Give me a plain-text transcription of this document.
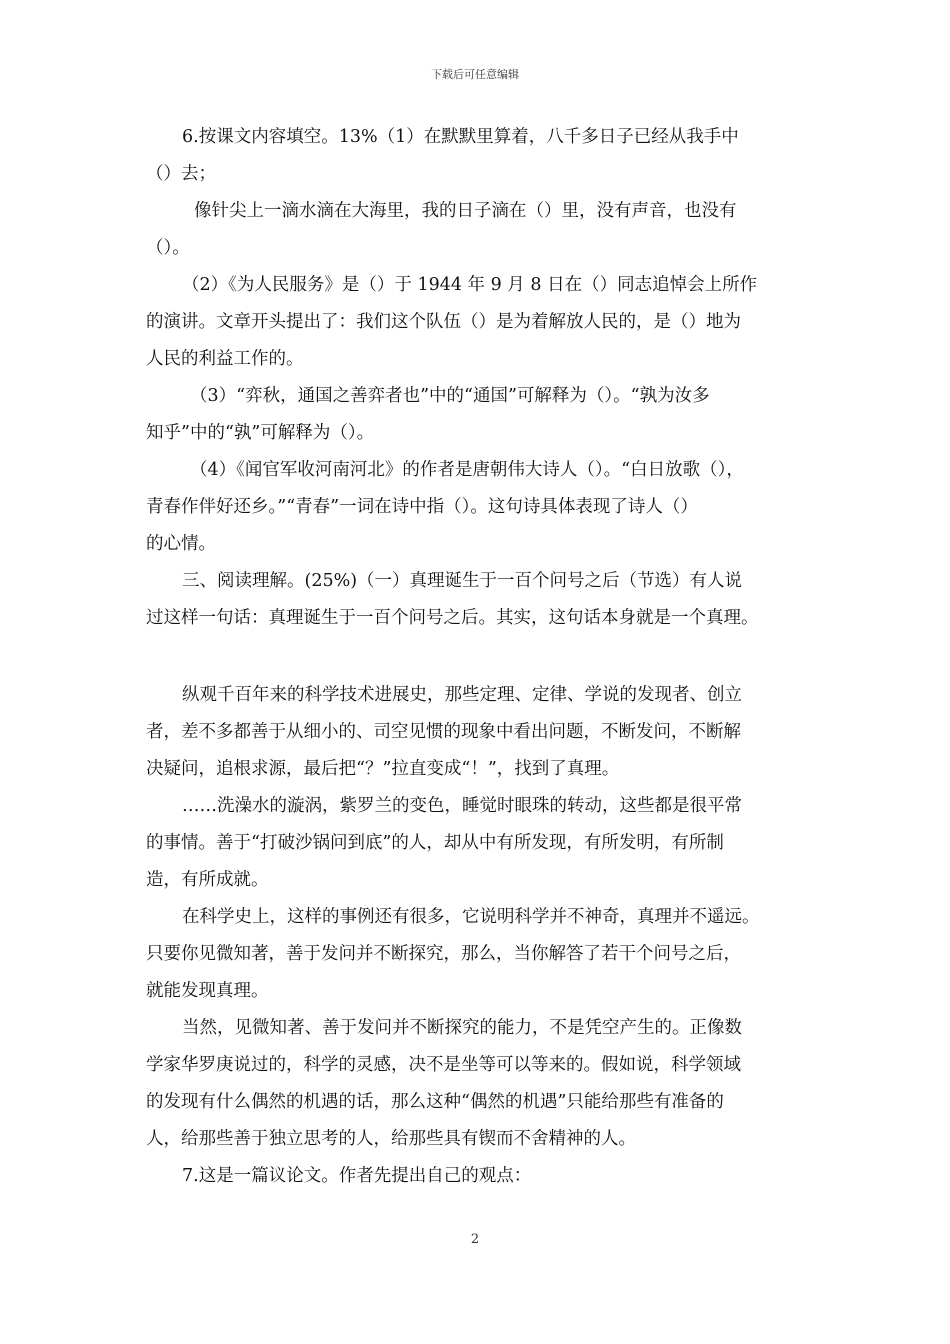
下载后可任意编辑
6.按课文内容填空。13%（1）在默默里算着，八千多日子已经从我手中
（）去；
像针尖上一滴水滴在大海里，我的日子滴在（）里，没有声音，也没有
（）。
（2）《为人民服务》是（）于 1944 年 9 月 8 日在（）同志追悼会上所作
的演讲。文章开头提出了：我们这个队伍（）是为着解放人民的，是（）地为
人民的利益工作的。
（3）“弈秋，通国之善弈者也”中的“通国”可解释为（）。“孰为汝多
知乎”中的“孰”可解释为（）。
（4）《闻官军收河南河北》的作者是唐朝伟大诗人（）。“白日放歌（），
青春作伴好还乡。”“青春”一词在诗中指（）。这句诗具体表现了诗人（）
的心情。
三、阅读理解。(25%)（一）真理诞生于一百个问号之后（节选）有人说
过这样一句话：真理诞生于一百个问号之后。其实，这句话本身就是一个真理。
纵观千百年来的科学技术进展史，那些定理、定律、学说的发现者、创立
者，差不多都善于从细小的、司空见惯的现象中看出问题，不断发问，不断解
决疑问，追根求源，最后把“？”拉直变成“！”，找到了真理。
……洗澡水的漩涡，紫罗兰的变色，睡觉时眼珠的转动，这些都是很平常
的事情。善于“打破沙锅问到底”的人，却从中有所发现，有所发明，有所制
造，有所成就。
在科学史上，这样的事例还有很多，它说明科学并不神奇，真理并不遥远。
只要你见微知著，善于发问并不断探究，那么，当你解答了若干个问号之后，
就能发现真理。
当然，见微知著、善于发问并不断探究的能力，不是凭空产生的。正像数
学家华罗庚说过的，科学的灵感，决不是坐等可以等来的。假如说，科学领域
的发现有什么偶然的机遇的话，那么这种“偶然的机遇”只能给那些有准备的
人，给那些善于独立思考的人，给那些具有锲而不舍精神的人。
7.这是一篇议论文。作者先提出自己的观点：
2
